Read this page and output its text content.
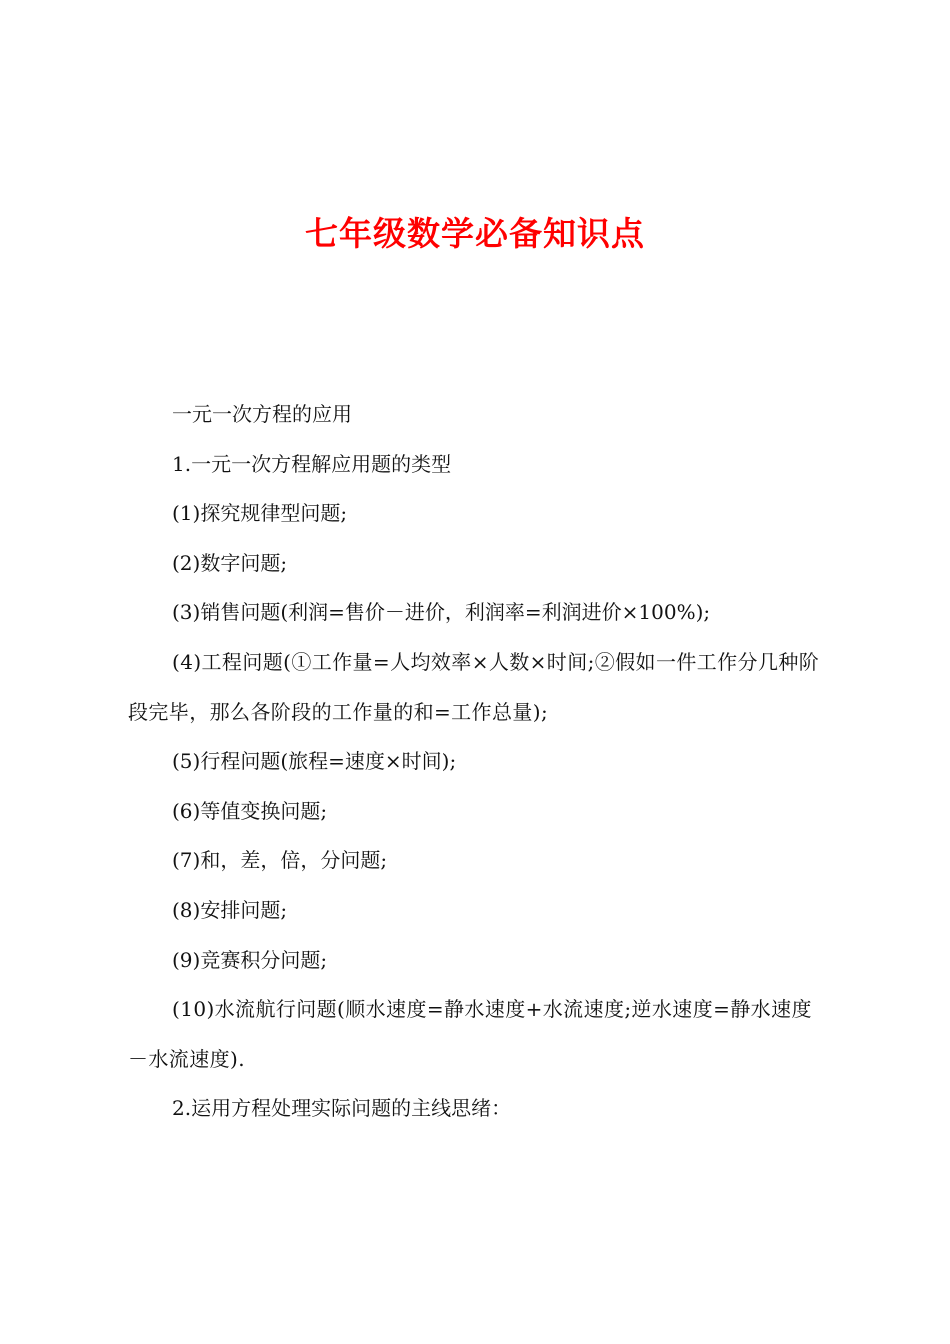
七年级数学必备知识点

一元一次方程的应用

1.一元一次方程解应用题的类型

(1)探究规律型问题;

(2)数字问题;

(3)销售问题(利润=售价－进价，利润率=利润进价×100%);

(4)工程问题(①工作量=人均效率×人数×时间;②假如一件工作分几种阶段完毕，那么各阶段的工作量的和=工作总量);

(5)行程问题(旅程=速度×时间);

(6)等值变换问题;

(7)和，差，倍，分问题;

(8)安排问题;

(9)竞赛积分问题;

(10)水流航行问题(顺水速度=静水速度+水流速度;逆水速度=静水速度－水流速度).

2.运用方程处理实际问题的主线思绪：
